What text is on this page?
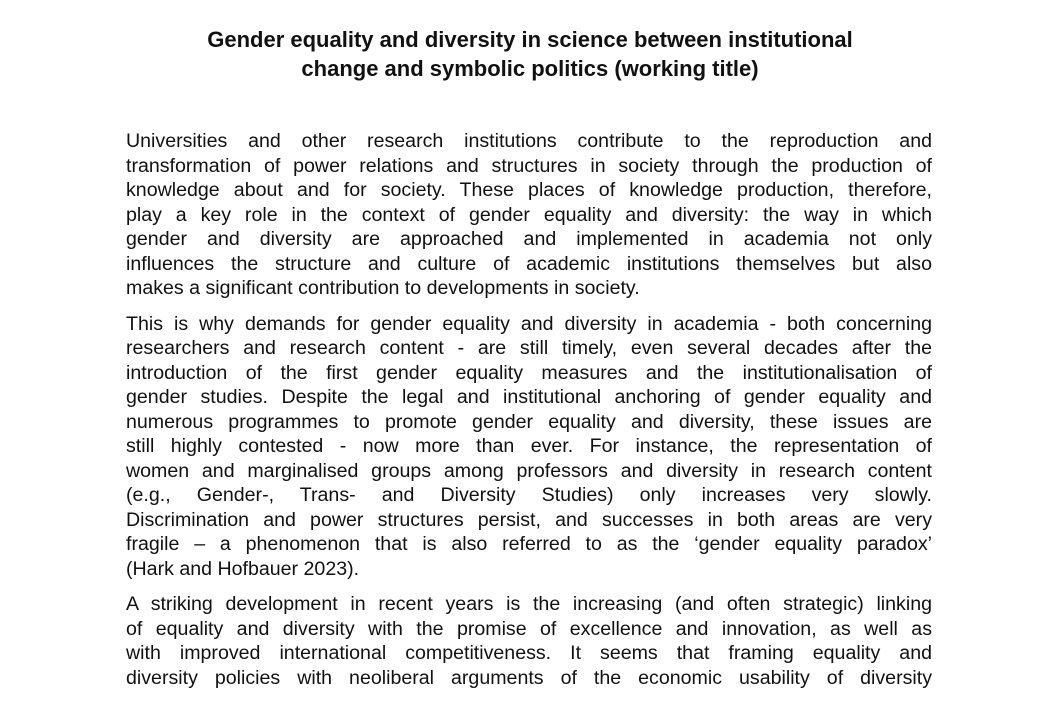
Gender equality and diversity in science between institutional
change and symbolic politics (working title)

Universities and other research institutions contribute to the reproduction and
transformation of power relations and structures in society through the production of
knowledge about and for society. These places of knowledge production, therefore,
play a key role in the context of gender equality and diversity: the way in which
gender and diversity are approached and implemented in academia not only
influences the structure and culture of academic institutions themselves but also
makes a significant contribution to developments in society.

This is why demands for gender equality and diversity in academia - both concerning
researchers and research content - are still timely, even several decades after the
introduction of the first gender equality measures and the institutionalisation of
gender studies. Despite the legal and institutional anchoring of gender equality and
numerous programmes to promote gender equality and diversity, these issues are
still highly contested - now more than ever. For instance, the representation of
women and marginalised groups among professors and diversity in research content
(e.g., Gender-, Trans- and Diversity Studies) only increases very slowly.
Discrimination and power structures persist, and successes in both areas are very
fragile – a phenomenon that is also referred to as the ‘gender equality paradox’
(Hark and Hofbauer 2023).

A striking development in recent years is the increasing (and often strategic) linking
of equality and diversity with the promise of excellence and innovation, as well as
with improved international competitiveness. It seems that framing equality and
diversity policies with neoliberal arguments of the economic usability of diversity
